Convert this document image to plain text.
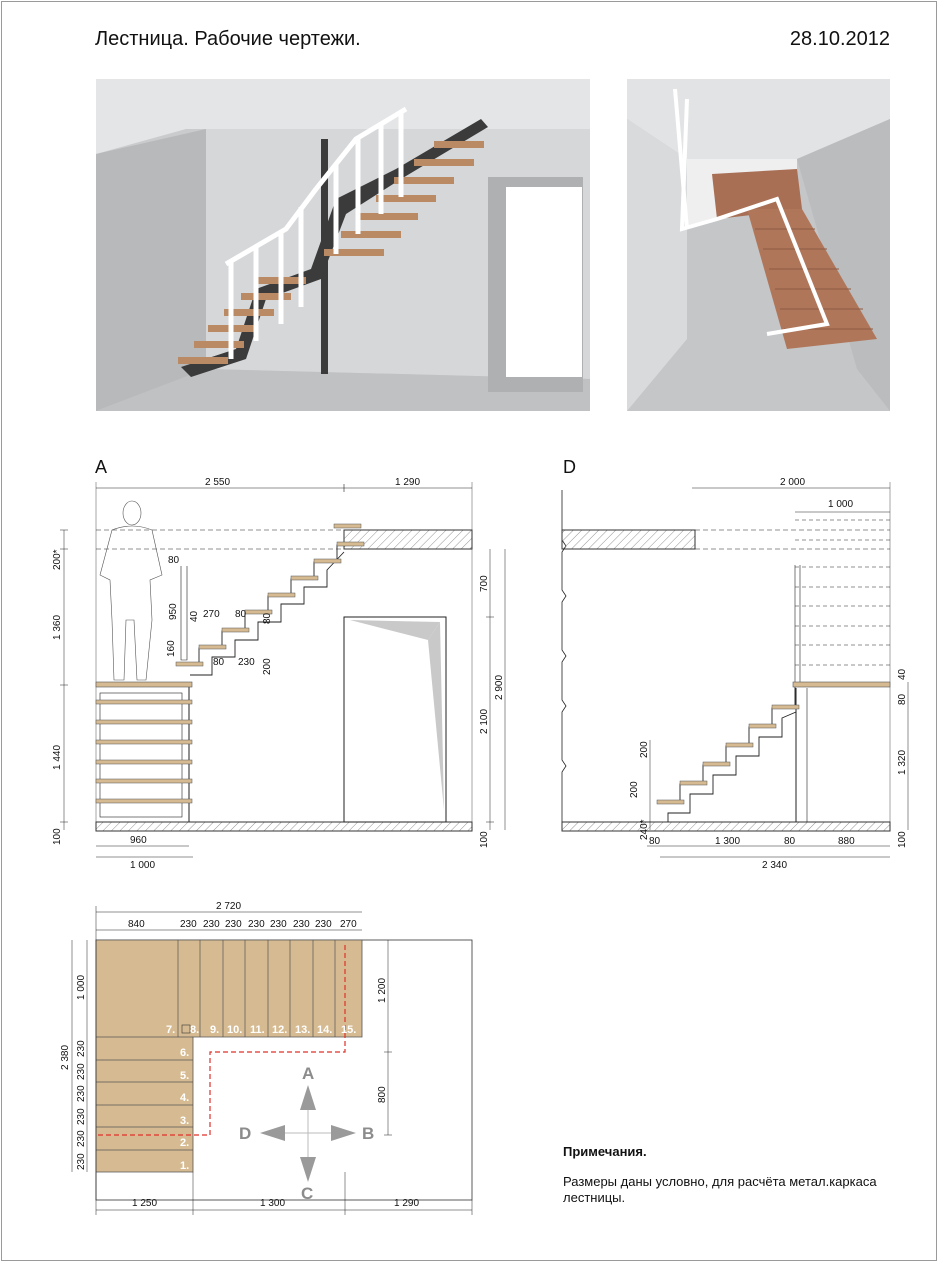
Лестница. Рабочие чертежи.	28.10.2012
A	D
2 550	1 290
200*
1 360
1 440
100
700
2 100
2 900
100
960
1 000
80
950 40 270 80 80
160
80 230 200
2 000
1 000
40
80
1 320
100
200
200
240*
80	1 300	80	880
2 340
2 720
840	230 230 230 230 230 230 230 270
2 380
1 000
230
230
230
230
230
230
1 200
800
1 250	1 300	1 290
1.
2.
3.
4.
5.
6.
7. 8. 9. 10. 11. 12. 13. 14. 15.
A
B
C
D
Примечания.
Размеры даны условно, для расчёта метал.каркаса лестницы.
